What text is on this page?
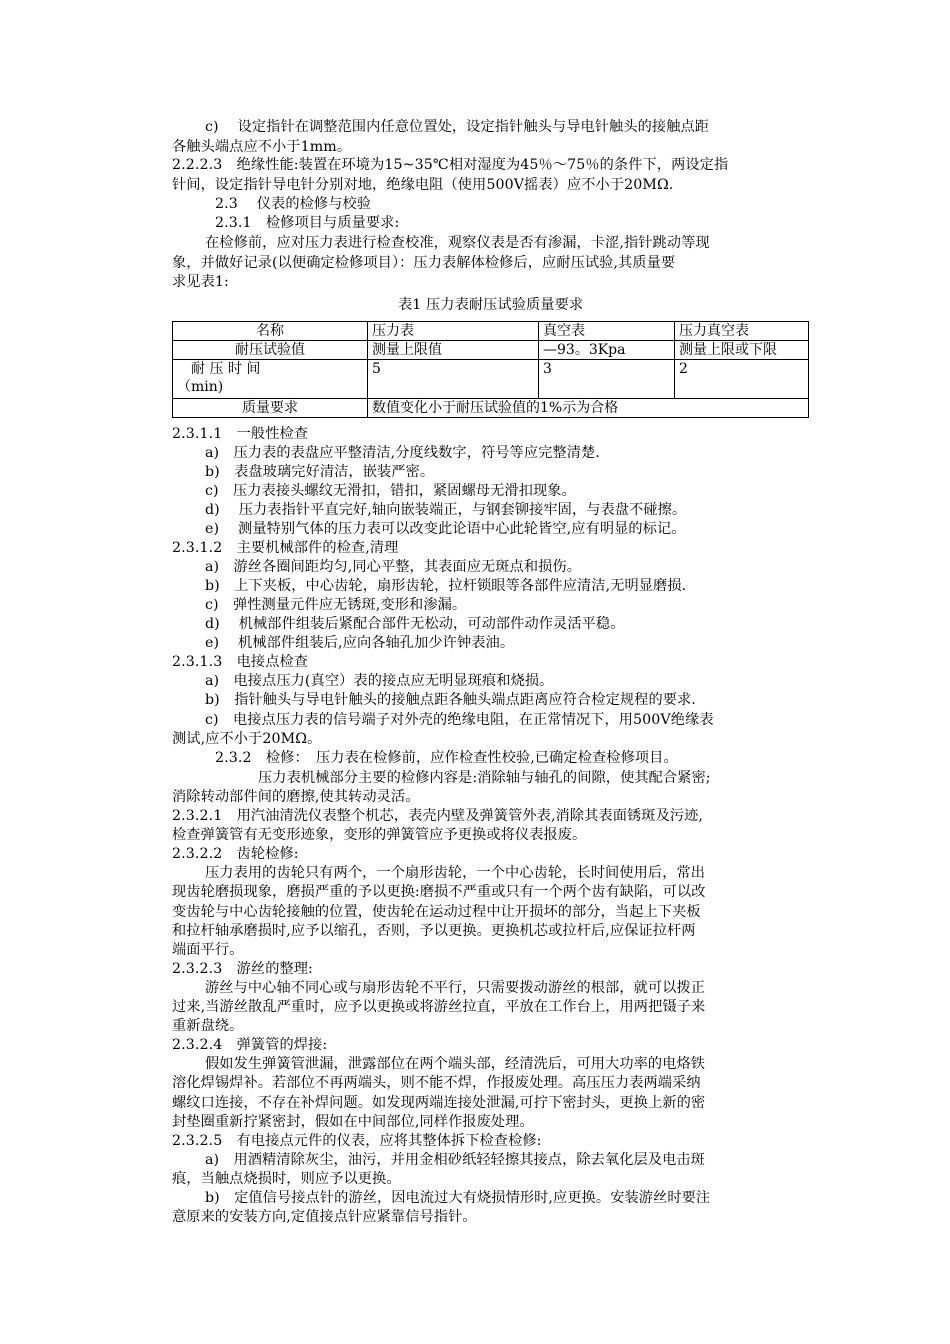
c)　 设定指针在调整范围内任意位置处，设定指针触头与导电针触头的接触点距
各触头端点应不小于1mm。
2.2.2.3　绝缘性能:装置在环境为15~35℃相对湿度为45％～75％的条件下，两设定指
针间，设定指针导电针分别对地，绝缘电阻（使用500V摇表）应不小于20MΩ.
2.3　 仪表的检修与校验
2.3.1　检修项目与质量要求:
在检修前，应对压力表进行检查校准，观察仪表是否有渗漏，卡涩,指针跳动等现
象，并做好记录(以便确定检修项目）：压力表解体检修后，应耐压试验,其质量要
求见表1:
表1 压力表耐压试验质量要求
名称	压力表	真空表	压力真空表
耐压试验值	测量上限值	—93。3Kpa	测量上限或下限

耐 压 时 间
（min)	5	3	2
质量要求	数值变化小于耐压试验值的1%示为合格		
2.3.1.1　一般性检查
a)　压力表的表盘应平整清洁,分度线数字，符号等应完整清楚.
b)　表盘玻璃完好清洁，嵌装严密。
c)　压力表接头螺纹无滑扣，错扣，紧固螺母无滑扣现象。
d)　 压力表指针平直完好,轴向嵌装端正，与钢套铆接牢固，与表盘不碰擦。
e)　 测量特别气体的压力表可以改变此论语中心此轮皆空,应有明显的标记。
2.3.1.2　主要机械部件的检查,清理
a)　游丝各圈间距均匀,同心平整，其表面应无斑点和损伤。
b)　上下夹板，中心齿轮，扇形齿轮，拉杆锁眼等各部件应清洁,无明显磨损.
c)　弹性测量元件应无锈斑,变形和渗漏。
d)　 机械部件组装后紧配合部件无松动，可动部件动作灵活平稳。
e)　 机械部件组装后,应向各轴孔加少许钟表油。
2.3.1.3　电接点检查
a)　电接点压力(真空）表的接点应无明显斑痕和烧损。
b)　指针触头与导电针触头的接触点距各触头端点距离应符合检定规程的要求.
c)　电接点压力表的信号端子对外壳的绝缘电阻，在正常情况下，用500V绝缘表
测试,应不小于20MΩ。
2.3.2　检修：　压力表在检修前，应作检查性校验,已确定检查检修项目。
压力表机械部分主要的检修内容是:消除轴与轴孔的间隙，使其配合紧密;
消除转动部件间的磨擦,使其转动灵活。
2.3.2.1　用汽油清洗仪表整个机芯，表壳内壁及弹簧管外表,消除其表面锈斑及污迹,
检查弹簧管有无变形迹象，变形的弹簧管应予更换或将仪表报废。
2.3.2.2　齿轮检修:
压力表用的齿轮只有两个，一个扇形齿轮，一个中心齿轮，长时间使用后，常出
现齿轮磨损现象，磨损严重的予以更换:磨损不严重或只有一个两个齿有缺陷，可以改
变齿轮与中心齿轮接触的位置，使齿轮在运动过程中让开损坏的部分，当起上下夹板
和拉杆轴承磨损时,应予以缩孔，否则，予以更换。更换机芯或拉杆后,应保证拉杆两
端面平行。
2.3.2.3　游丝的整理:
游丝与中心轴不同心或与扇形齿轮不平行，只需要拨动游丝的根部，就可以拨正
过来,当游丝散乱严重时，应予以更换或将游丝拉直，平放在工作台上，用两把镊子来
重新盘绕。
2.3.2.4　弹簧管的焊接:
假如发生弹簧管泄漏，泄露部位在两个端头部，经清洗后，可用大功率的电烙铁
溶化焊锡焊补。若部位不再两端头，则不能不焊，作报废处理。高压压力表两端采纳
螺纹口连接，不存在补焊问题。如发现两端连接处泄漏,可拧下密封头，更换上新的密
封垫圈重新拧紧密封，假如在中间部位,同样作报废处理。
2.3.2.5　有电接点元件的仪表，应将其整体拆下检查检修:
a)　用酒精清除灰尘，油污，并用金相砂纸轻轻擦其接点，除去氧化层及电击斑
痕，当触点烧损时，则应予以更换。
b)　定值信号接点针的游丝，因电流过大有烧损情形时,应更换。安装游丝时要注
意原来的安装方向,定值接点针应紧靠信号指针。
